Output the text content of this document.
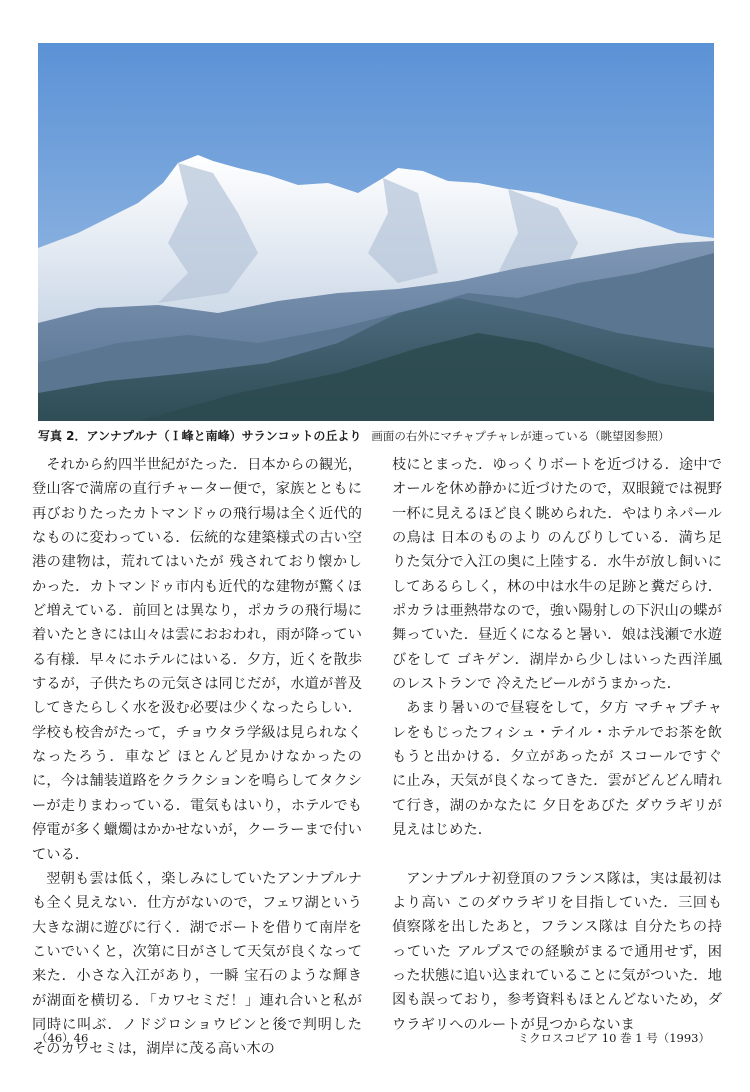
写真 2．アンナプルナ（Ｉ峰と南峰）サランコットの丘より 画面の右外にマチャプチャレが連っている（眺望図参照）

それから約四半世紀がたった．日本からの観光，登山客で満席の直行チャーター便で，家族とともに再びおりたったカトマンドゥの飛行場は全く近代的なものに変わっている．伝統的な建築様式の古い空港の建物は，荒れてはいたが 残されており懐かしかった．カトマンドゥ市内も近代的な建物が驚くほど増えている．前回とは異なり，ポカラの飛行場に着いたときには山々は雲におおわれ，雨が降っている有様．早々にホテルにはいる．夕方，近くを散歩するが，子供たちの元気さは同じだが，水道が普及してきたらしく水を汲む必要は少くなったらしい．学校も校舎がたって，チョウタラ学級は見られなくなったろう．車など ほとんど見かけなかったのに，今は舗装道路をクラクションを鳴らしてタクシーが走りまわっている．電気もはいり，ホテルでも停電が多く蠟燭はかかせないが，クーラーまで付いている．

翌朝も雲は低く，楽しみにしていたアンナプルナも全く見えない．仕方がないので，フェワ湖という大きな湖に遊びに行く．湖でボートを借りて南岸をこいでいくと，次第に日がさして天気が良くなって来た．小さな入江があり，一瞬 宝石のような輝きが湖面を横切る．「カワセミだ！」連れ合いと私が 同時に叫ぶ．ノドジロショウビンと後で判明した そのカワセミは，湖岸に茂る高い木の

枝にとまった．ゆっくりボートを近づける．途中でオールを休め静かに近づけたので，双眼鏡では視野一杯に見えるほど良く眺められた．やはりネパールの鳥は 日本のものより のんびりしている．満ち足りた気分で入江の奥に上陸する．水牛が放し飼いにしてあるらしく，林の中は水牛の足跡と糞だらけ．ポカラは亜熱帯なので，強い陽射しの下沢山の蝶が舞っていた．昼近くになると暑い．娘は浅瀬で水遊びをして ゴキゲン．湖岸から少しはいった西洋風のレストランで 冷えたビールがうまかった．

あまり暑いので昼寝をして，夕方 マチャプチャレをもじったフィシュ・テイル・ホテルでお茶を飲もうと出かける．夕立があったが スコールですぐに止み，天気が良くなってきた．雲がどんどん晴れて行き，湖のかなたに 夕日をあびた ダウラギリが見えはじめた．

アンナプルナ初登頂のフランス隊は，実は最初は より高い このダウラギリを目指していた．三回も偵察隊を出したあと，フランス隊は 自分たちの持っていた アルプスでの経験がまるで通用せず，困った状態に追い込まれていることに気がついた．地図も誤っており，参考資料もほとんどないため，ダウラギリへのルートが見つからないま

（46）46	ミクロスコピア 10 巻 1 号（1993）
